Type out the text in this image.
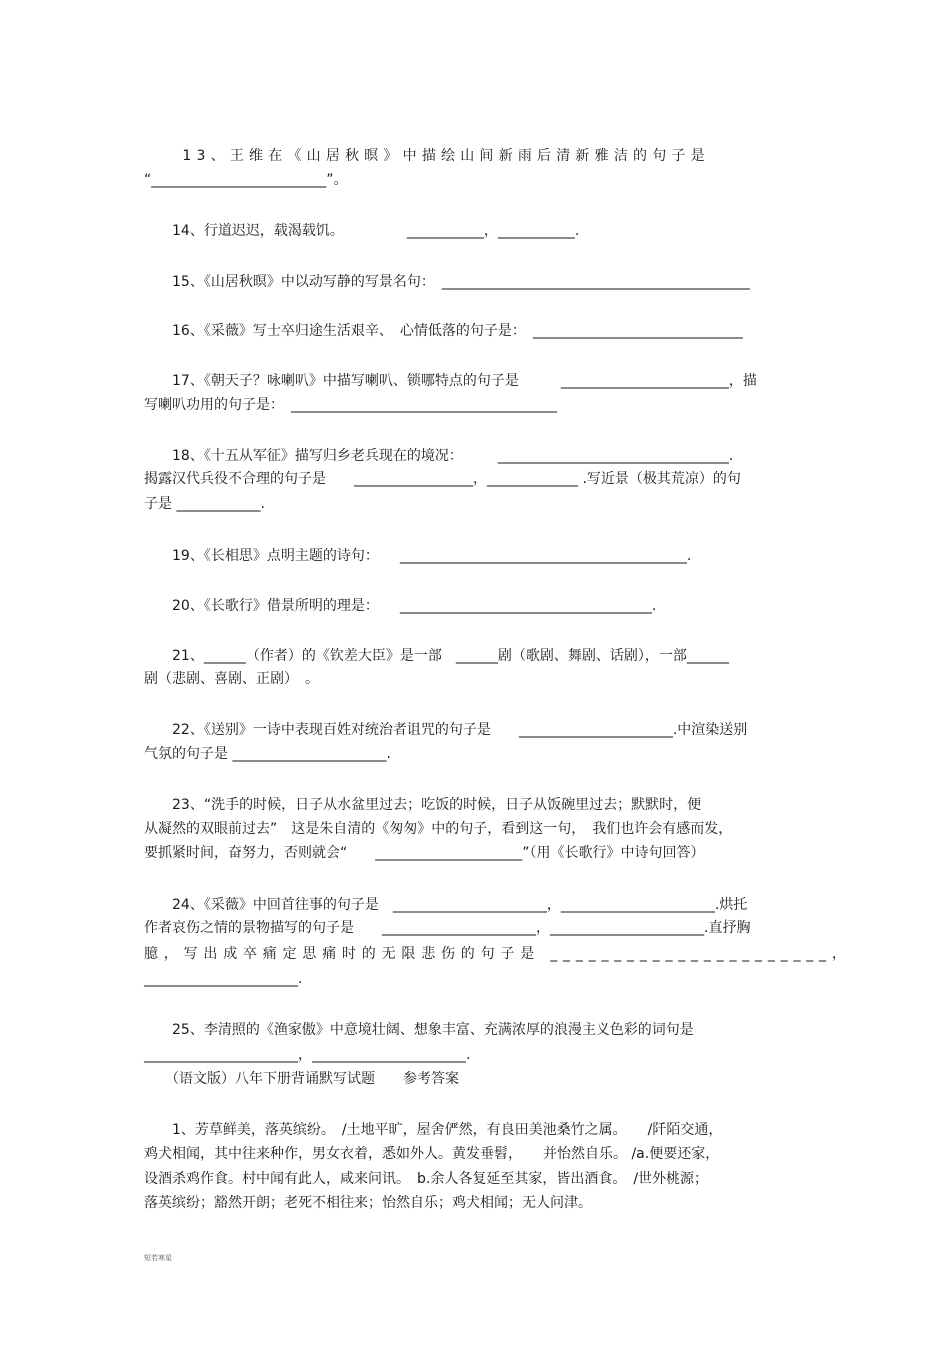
　　13、王维在《山居秋暝》中描绘山间新雨后清新雅洁的句子是
“_________________________”。
　　14、行道迟迟，载渴载饥。　　　　　___________，___________.
　　15、《山居秋暝》中以动写静的写景名句：　____________________________________________
　　16、《采薇》写士卒归途生活艰辛、　心情低落的句子是：　______________________________
　　17、《朝天子？咏喇叭》中描写喇叭、锁哪特点的句子是　　　________________________，描
写喇叭功用的句子是：　______________________________________
　　18、《十五从军征》描写归乡老兵现在的境况：　　　_________________________________.
揭露汉代兵役不合理的句子是　　_________________，_____________ .写近景（极其荒凉）的句
子是 ____________.
　　19、《长相思》点明主题的诗句：　　_________________________________________.
　　20、《长歌行》借景所明的理是：　　____________________________________.
　　21、______（作者）的《钦差大臣》是一部　______剧（歌剧、舞剧、话剧），一部______
剧（悲剧、喜剧、正剧）　。
　　22、《送别》一诗中表现百姓对统治者诅咒的句子是　　______________________.中渲染送别
气氛的句子是 ______________________.
　　23、“洗手的时候，日子从水盆里过去；吃饭的时候，日子从饭碗里过去；默默时，便
从凝然的双眼前过去”　这是朱自清的《匆匆》中的句子，看到这一句，　我们也许会有感而发，
要抓紧时间，奋努力，否则就会“　　_____________________”（用《长歌行》中诗句回答）
　　24、《采薇》中回首往事的句子是　______________________，______________________.烘托
作者哀伤之情的景物描写的句子是　　______________________，______________________.直抒胸
臆，写出成卒痛定思痛时的无限悲伤的句子是 ______________________，
______________________.
　　25、李清照的《渔家傲》中意境壮阔、想象丰富、充满浓厚的浪漫主义色彩的词句是
______________________，______________________.
　　（语文版）八年下册背诵默写试题　　参考答案
　　1、芳草鲜美，落英缤纷。　/土地平旷，屋舍俨然，有良田美池桑竹之属。　　/阡陌交通，
鸡犬相闻，其中往来种作，男女衣着，悉如外人。黄发垂髫，　　并怡然自乐。 /a.便要还家，
设酒杀鸡作食。村中闻有此人，咸来问讯。　b.余人各复延至其家，皆出酒食。　/世外桃源；
落英缤纷；豁然开朗；老死不相往来；怡然自乐；鸡犬相闻；无人问津。
短若寒星
